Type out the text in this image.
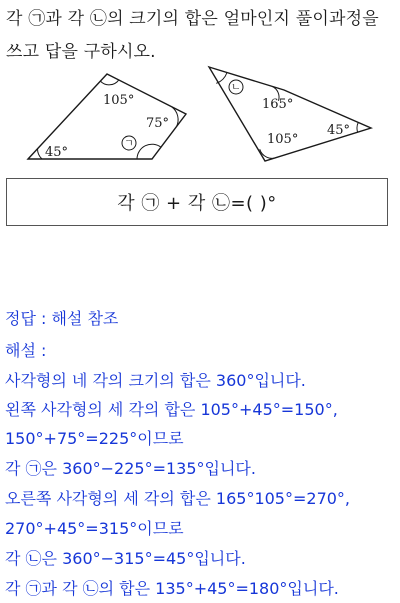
각 ㉠과 각 ㉡의 크기의 합은 얼마인지 풀이과정을
쓰고 답을 구하시오.
105°
75°
45°
ㄱ
ㄴ
165°
105°
45°
각 ㉠ + 각 ㉡=( )°
정답 : 해설 참조
해설 :
사각형의 네 각의 크기의 합은 360°입니다.
왼쪽 사각형의 세 각의 합은 105°+45°=150°,
150°+75°=225°이므로
각 ㉠은 360°−225°=135°입니다.
오른쪽 사각형의 세 각의 합은 165°105°=270°,
270°+45°=315°이므로
각 ㉡은 360°−315°=45°입니다.
각 ㉠과 각 ㉡의 합은 135°+45°=180°입니다.
